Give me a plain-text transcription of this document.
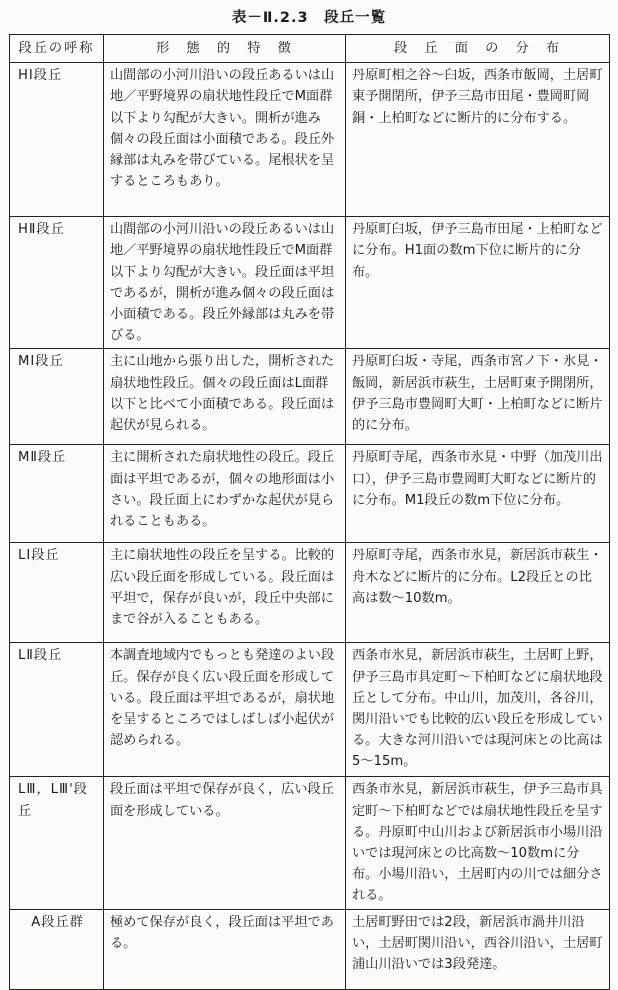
表－Ⅱ.2.3　段丘一覧
段丘の呼称	形　態　的　特　徴	段　丘　面　の　分　布
HⅠ段丘	山間部の小河川沿いの段丘あるいは山地／平野境界の扇状地性段丘でM面群以下より勾配が大きい。開析が進み個々の段丘面は小面積である。段丘外縁部は丸みを帯びている。尾根状を呈するところもあり。	丹原町相之谷～臼坂，西条市飯岡，土居町東予開閉所，伊予三島市田尾・豊岡町岡銅・上柏町などに断片的に分布する。
HⅡ段丘	山間部の小河川沿いの段丘あるいは山地／平野境界の扇状地性段丘でM面群以下より勾配が大きい。段丘面は平坦であるが，開析が進み個々の段丘面は小面積である。段丘外縁部は丸みを帯びる。	丹原町臼坂，伊予三島市田尾・上柏町などに分布。H1面の数m下位に断片的に分布。
MⅠ段丘	主に山地から張り出した，開析された扇状地性段丘。個々の段丘面はL面群以下と比べて小面積である。段丘面は起伏が見られる。	丹原町臼坂・寺尾，西条市宮ノ下・氷見・飯岡，新居浜市萩生，土居町東予開閉所，伊予三島市豊岡町大町・上柏町などに断片的に分布。
MⅡ段丘	主に開析された扇状地性の段丘。段丘面は平坦であるが，個々の地形面は小さい。段丘面上にわずかな起伏が見られることもある。	丹原町寺尾，西条市氷見・中野（加茂川出口），伊予三島市豊岡町大町などに断片的に分布。M1段丘の数m下位に分布。
LⅠ段丘	主に扇状地性の段丘を呈する。比較的広い段丘面を形成している。段丘面は平坦で，保存が良いが，段丘中央部にまで谷が入ることもある。	丹原町寺尾，西条市氷見，新居浜市萩生・舟木などに断片的に分布。L2段丘との比高は数～10数m。
LⅡ段丘	本調査地域内でもっとも発達のよい段丘。保存が良く広い段丘面を形成している。段丘面は平坦であるが，扇状地を呈するところではしばしば小起伏が認められる。	西条市氷見，新居浜市萩生，土居町上野，伊予三島市具定町～下柏町などに扇状地段丘として分布。中山川，加茂川，各谷川，関川沿いでも比較的広い段丘を形成している。大きな河川沿いでは現河床との比高は5～15m。
LⅢ，LⅢ'段丘	段丘面は平坦で保存が良く，広い段丘面を形成している。	西条市氷見，新居浜市萩生，伊予三島市具定町～下柏町などでは扇状地性段丘を呈する。丹原町中山川および新居浜市小場川沿いでは現河床との比高数～10数mに分布。小場川沿い，土居町内の川では細分される。
A段丘群	極めて保存が良く，段丘面は平坦である。	土居町野田では2段，新居浜市渦井川沿い，土居町関川沿い，西谷川沿い，土居町浦山川沿いでは3段発達。
